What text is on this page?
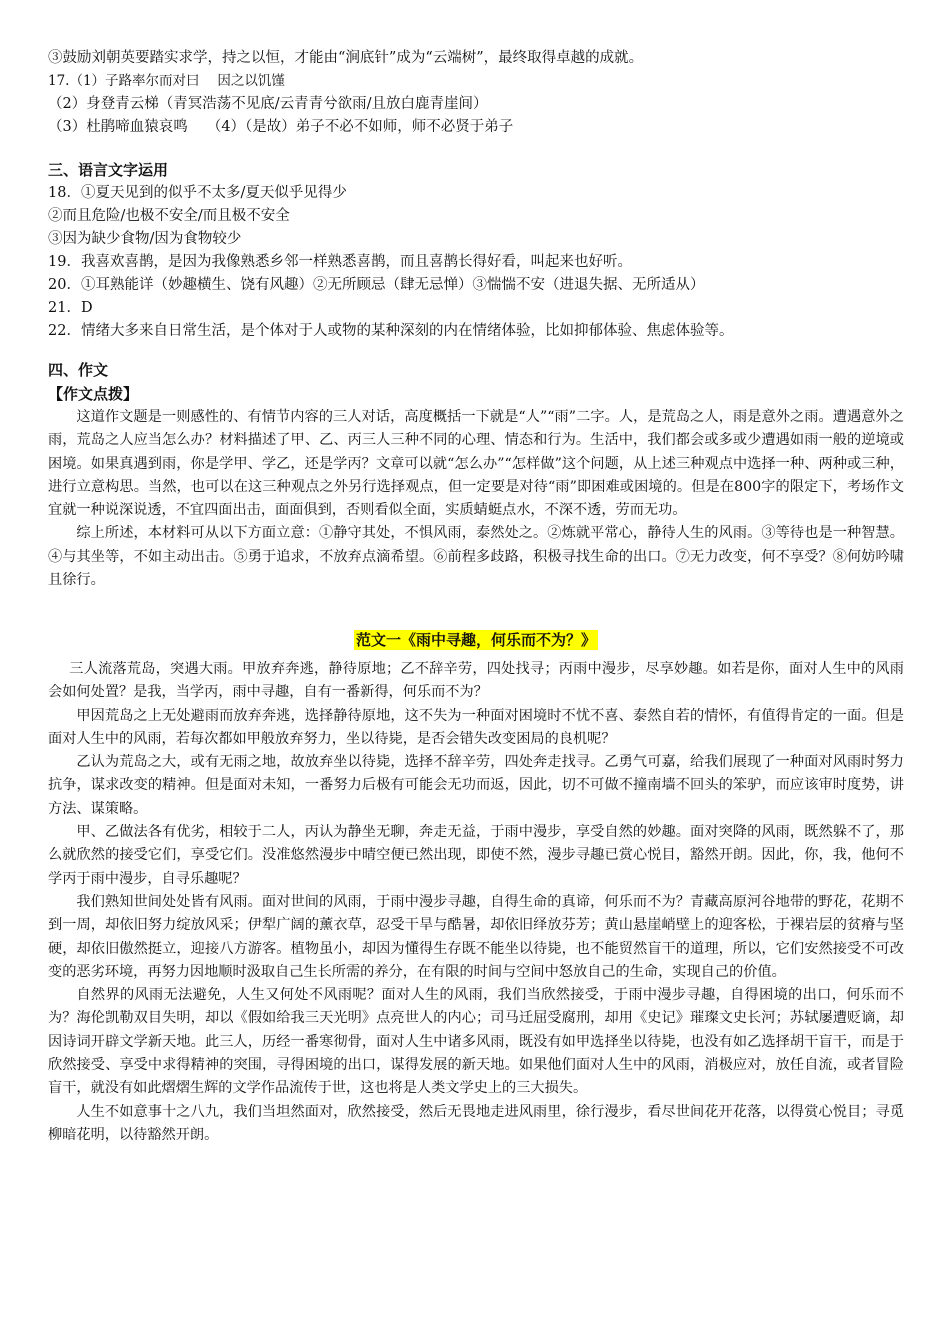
③鼓励刘朝英要踏实求学，持之以恒，才能由“涧底针”成为“云端树”，最终取得卓越的成就。
17.（1）子路率尔而对曰　 因之以饥馑
（2）身登青云梯（青冥浩荡不见底/云青青兮欲雨/且放白鹿青崖间）
（3）杜鹃啼血猿哀鸣　 （4）（是故）弟子不必不如师，师不必贤于弟子
三、语言文字运用
18．①夏天见到的似乎不太多/夏天似乎见得少
②而且危险/也极不安全/而且极不安全
③因为缺少食物/因为食物较少
19．我喜欢喜鹊，是因为我像熟悉乡邻一样熟悉喜鹊，而且喜鹊长得好看，叫起来也好听。
20．①耳熟能详（妙趣横生、饶有风趣）②无所顾忌（肆无忌惮）③惴惴不安（进退失据、无所适从）
21．D
22．情绪大多来自日常生活，是个体对于人或物的某种深刻的内在情绪体验，比如抑郁体验、焦虑体验等。
四、作文
【作文点拨】

这道作文题是一则感性的、有情节内容的三人对话，高度概括一下就是“人”“雨”二字。人，是荒岛之人，雨是意外之雨。遭遇意外之雨，荒岛之人应当怎么办？材料描述了甲、乙、丙三人三种不同的心理、情态和行为。生活中，我们都会或多或少遭遇如雨一般的逆境或困境。如果真遇到雨，你是学甲、学乙，还是学丙？文章可以就“怎么办”“怎样做”这个问题，从上述三种观点中选择一种、两种或三种，进行立意构思。当然，也可以在这三种观点之外另行选择观点，但一定要是对待“雨”即困难或困境的。但是在800字的限定下，考场作文宜就一种说深说透，不宜四面出击，面面俱到，否则看似全面，实质蜻蜓点水，不深不透，劳而无功。

综上所述，本材料可从以下方面立意：①静守其处，不惧风雨，泰然处之。②炼就平常心，静待人生的风雨。③等待也是一种智慧。④与其坐等，不如主动出击。⑤勇于追求，不放弃点滴希望。⑥前程多歧路，积极寻找生命的出口。⑦无力改变，何不享受？⑧何妨吟啸且徐行。

范文一《雨中寻趣，何乐而不为？》

三人流落荒岛，突遇大雨。甲放弃奔逃，静待原地；乙不辞辛劳，四处找寻；丙雨中漫步，尽享妙趣。如若是你，面对人生中的风雨会如何处置？是我，当学丙，雨中寻趣，自有一番新得，何乐而不为？

甲因荒岛之上无处避雨而放弃奔逃，选择静待原地，这不失为一种面对困境时不忧不喜、泰然自若的情怀，有值得肯定的一面。但是面对人生中的风雨，若每次都如甲般放弃努力，坐以待毙，是否会错失改变困局的良机呢？

乙认为荒岛之大，或有无雨之地，故放弃坐以待毙，选择不辞辛劳，四处奔走找寻。乙勇气可嘉，给我们展现了一种面对风雨时努力抗争，谋求改变的精神。但是面对未知，一番努力后极有可能会无功而返，因此，切不可做不撞南墙不回头的笨驴，而应该审时度势，讲方法、谋策略。

甲、乙做法各有优劣，相较于二人，丙认为静坐无聊，奔走无益，于雨中漫步，享受自然的妙趣。面对突降的风雨，既然躲不了，那么就欣然的接受它们，享受它们。没准悠然漫步中晴空便已然出现，即使不然，漫步寻趣已赏心悦目，豁然开朗。因此，你，我，他何不学丙于雨中漫步，自寻乐趣呢？

我们熟知世间处处皆有风雨。面对世间的风雨，于雨中漫步寻趣，自得生命的真谛，何乐而不为？青藏高原河谷地带的野花，花期不到一周，却依旧努力绽放风采；伊犁广阔的薰衣草，忍受干旱与酷暑，却依旧绎放芬芳；黄山悬崖峭壁上的迎客松，于裸岩层的贫瘠与坚硬，却依旧傲然挺立，迎接八方游客。植物虽小，却因为懂得生存既不能坐以待毙，也不能贸然盲干的道理，所以，它们安然接受不可改变的恶劣环境，再努力因地顺时汲取自己生长所需的养分，在有限的时间与空间中怒放自己的生命，实现自己的价值。

自然界的风雨无法避免，人生又何处不风雨呢？面对人生的风雨，我们当欣然接受，于雨中漫步寻趣，自得困境的出口，何乐而不为？海伦凯勒双目失明，却以《假如给我三天光明》点亮世人的内心；司马迁屈受腐刑，却用《史记》璀璨文史长河；苏轼屡遭贬谪，却因诗词开辟文学新天地。此三人，历经一番寒彻骨，面对人生中诸多风雨，既没有如甲选择坐以待毙，也没有如乙选择胡干盲干，而是于欣然接受、享受中求得精神的突围，寻得困境的出口，谋得发展的新天地。如果他们面对人生中的风雨，消极应对，放任自流，或者冒险盲干，就没有如此熠熠生辉的文学作品流传于世，这也将是人类文学史上的三大损失。

人生不如意事十之八九，我们当坦然面对，欣然接受，然后无畏地走进风雨里，徐行漫步，看尽世间花开花落，以得赏心悦目；寻觅柳暗花明，以待豁然开朗。
